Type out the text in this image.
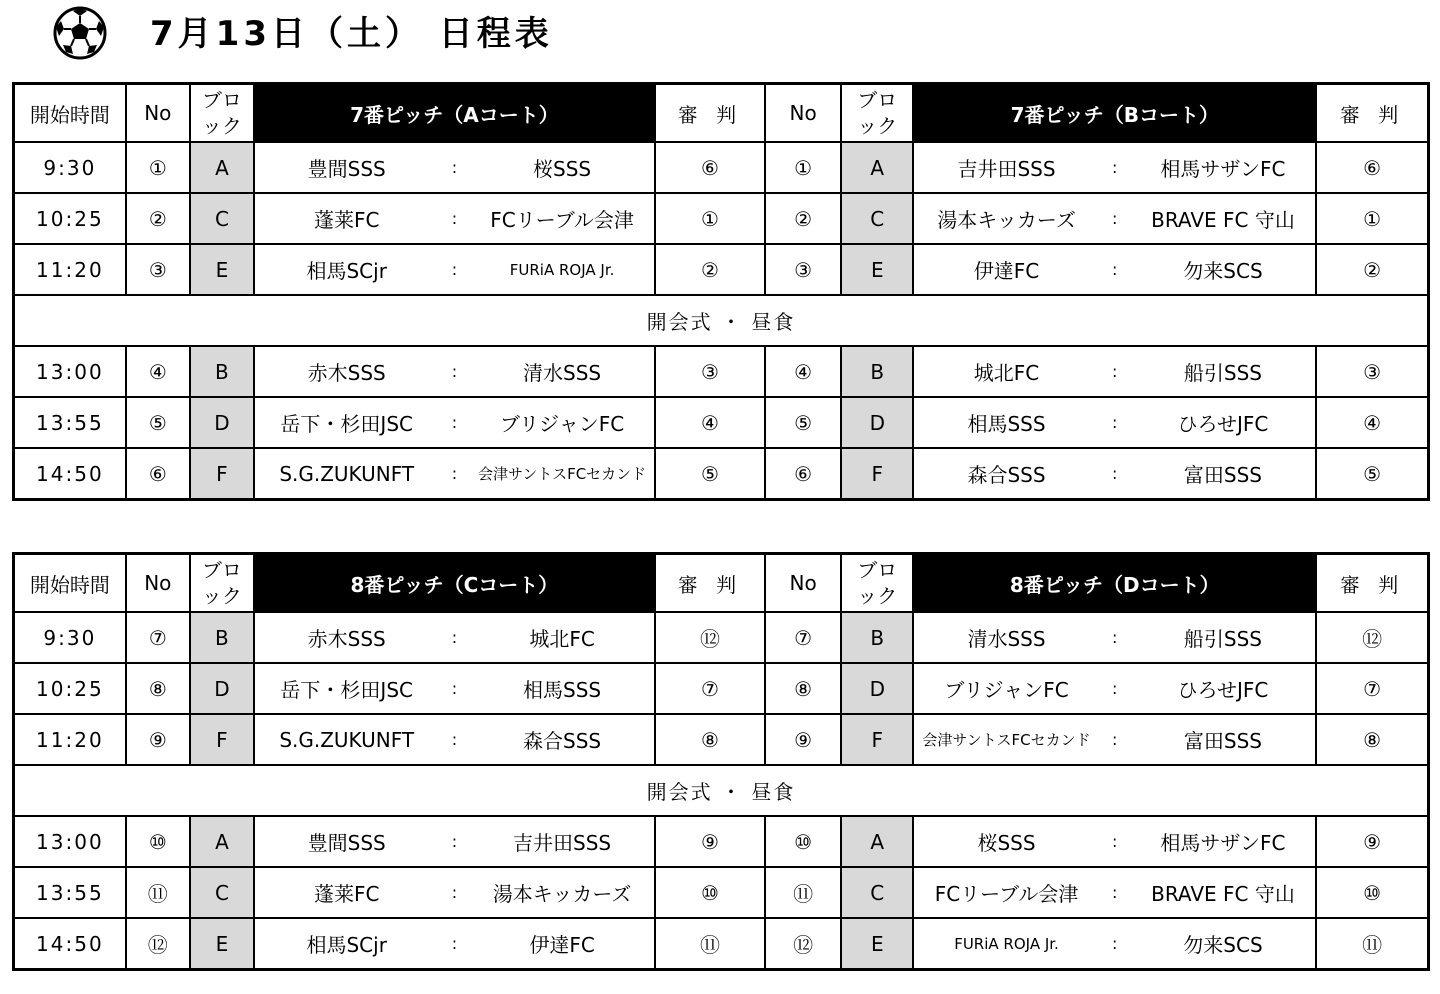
7月13日（土） 日程表
開始時間	No	ブロック	7番ピッチ（Aコート）	審 判	No	ブロック	7番ピッチ（Bコート）	審 判
9:30	①	A	豊間SSS : 桜SSS	⑥	①	A	吉井田SSS : 相馬サザンFC	⑥
10:25	②	C	蓬莱FC : FCリーブル会津	①	②	C	湯本キッカーズ : BRAVE FC 守山	①
11:20	③	E	相馬SCjr : FURiA ROJA Jr.	②	③	E	伊達FC : 勿来SCS	②
開会式 ・ 昼食								
13:00	④	B	赤木SSS : 清水SSS	③	④	B	城北FC : 船引SSS	③
13:55	⑤	D	岳下・杉田JSC : ブリジャンFC	④	⑤	D	相馬SSS : ひろせJFC	④
14:50	⑥	F	S.G.ZUKUNFT : 会津サントスFCセカンド	⑤	⑥	F	森合SSS : 富田SSS	⑤
開始時間	No	ブロック	8番ピッチ（Cコート）	審 判	No	ブロック	8番ピッチ（Dコート）	審 判
9:30	⑦	B	赤木SSS : 城北FC	⑫	⑦	B	清水SSS : 船引SSS	⑫
10:25	⑧	D	岳下・杉田JSC : 相馬SSS	⑦	⑧	D	ブリジャンFC : ひろせJFC	⑦
11:20	⑨	F	S.G.ZUKUNFT : 森合SSS	⑧	⑨	F	会津サントスFCセカンド : 富田SSS	⑧
開会式 ・ 昼食								
13:00	⑩	A	豊間SSS : 吉井田SSS	⑨	⑩	A	桜SSS : 相馬サザンFC	⑨
13:55	⑪	C	蓬莱FC : 湯本キッカーズ	⑩	⑪	C	FCリーブル会津 : BRAVE FC 守山	⑩
14:50	⑫	E	相馬SCjr : 伊達FC	⑪	⑫	E	FURiA ROJA Jr. : 勿来SCS	⑪
